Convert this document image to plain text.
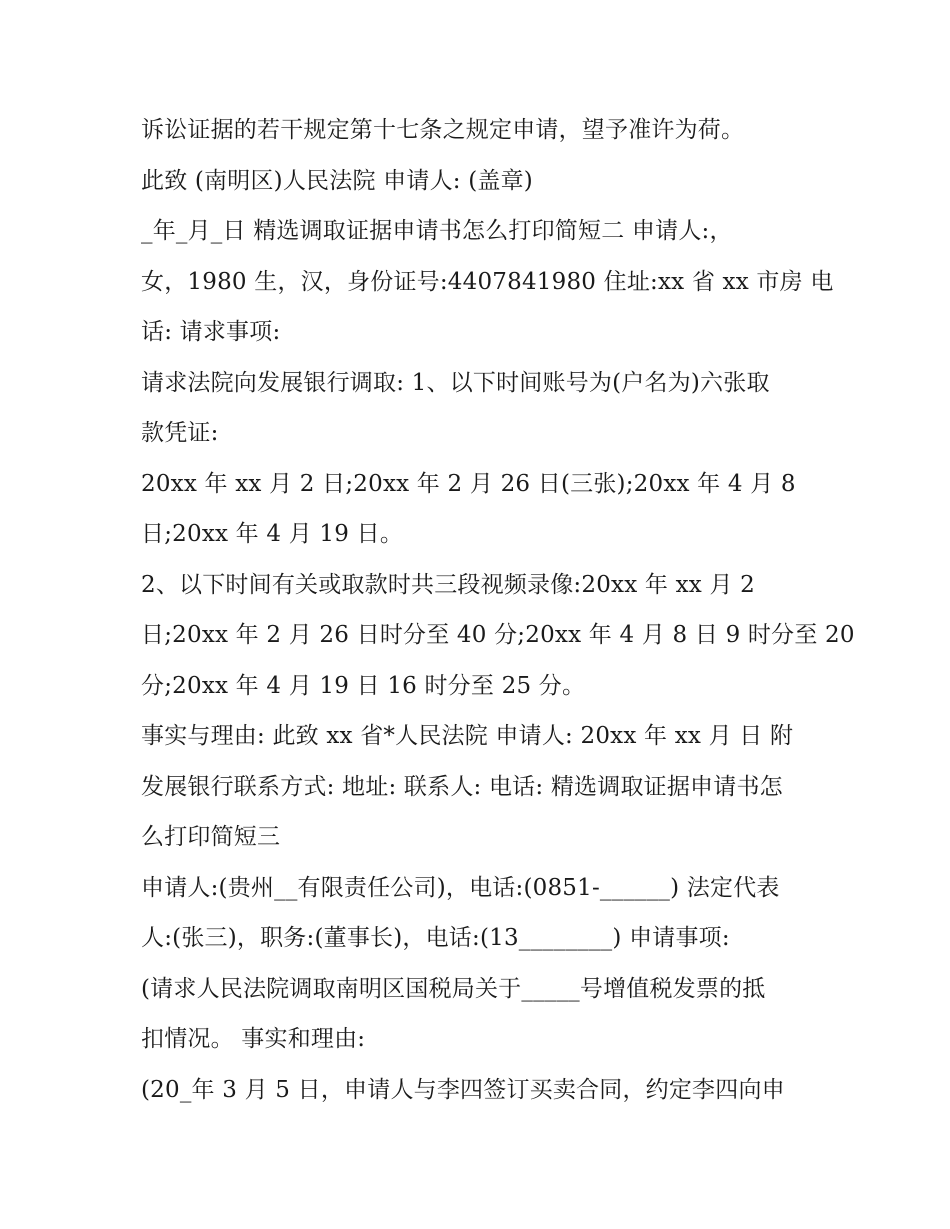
诉讼证据的若干规定第十七条之规定申请，望予准许为荷。
此致 (南明区)人民法院 申请人: (盖章)
_年_月_日 精选调取证据申请书怎么打印简短二 申请人:，
女，1980 生，汉，身份证号:4407841980 住址:xx 省 xx 市房 电
话: 请求事项:
请求法院向发展银行调取: 1、以下时间账号为(户名为)六张取
款凭证:
20xx 年 xx 月 2 日;20xx 年 2 月 26 日(三张);20xx 年 4 月 8
日;20xx 年 4 月 19 日。
2、以下时间有关或取款时共三段视频录像:20xx 年 xx 月 2
日;20xx 年 2 月 26 日时分至 40 分;20xx 年 4 月 8 日 9 时分至 20
分;20xx 年 4 月 19 日 16 时分至 25 分。
事实与理由: 此致 xx 省*人民法院 申请人: 20xx 年 xx 月 日 附
发展银行联系方式: 地址: 联系人: 电话: 精选调取证据申请书怎
么打印简短三
申请人:(贵州__有限责任公司)，电话:(0851-______) 法定代表
人:(张三)，职务:(董事长)，电话:(13________) 申请事项:
(请求人民法院调取南明区国税局关于_____号增值税发票的抵
扣情况。 事实和理由:
(20_年 3 月 5 日，申请人与李四签订买卖合同，约定李四向申
